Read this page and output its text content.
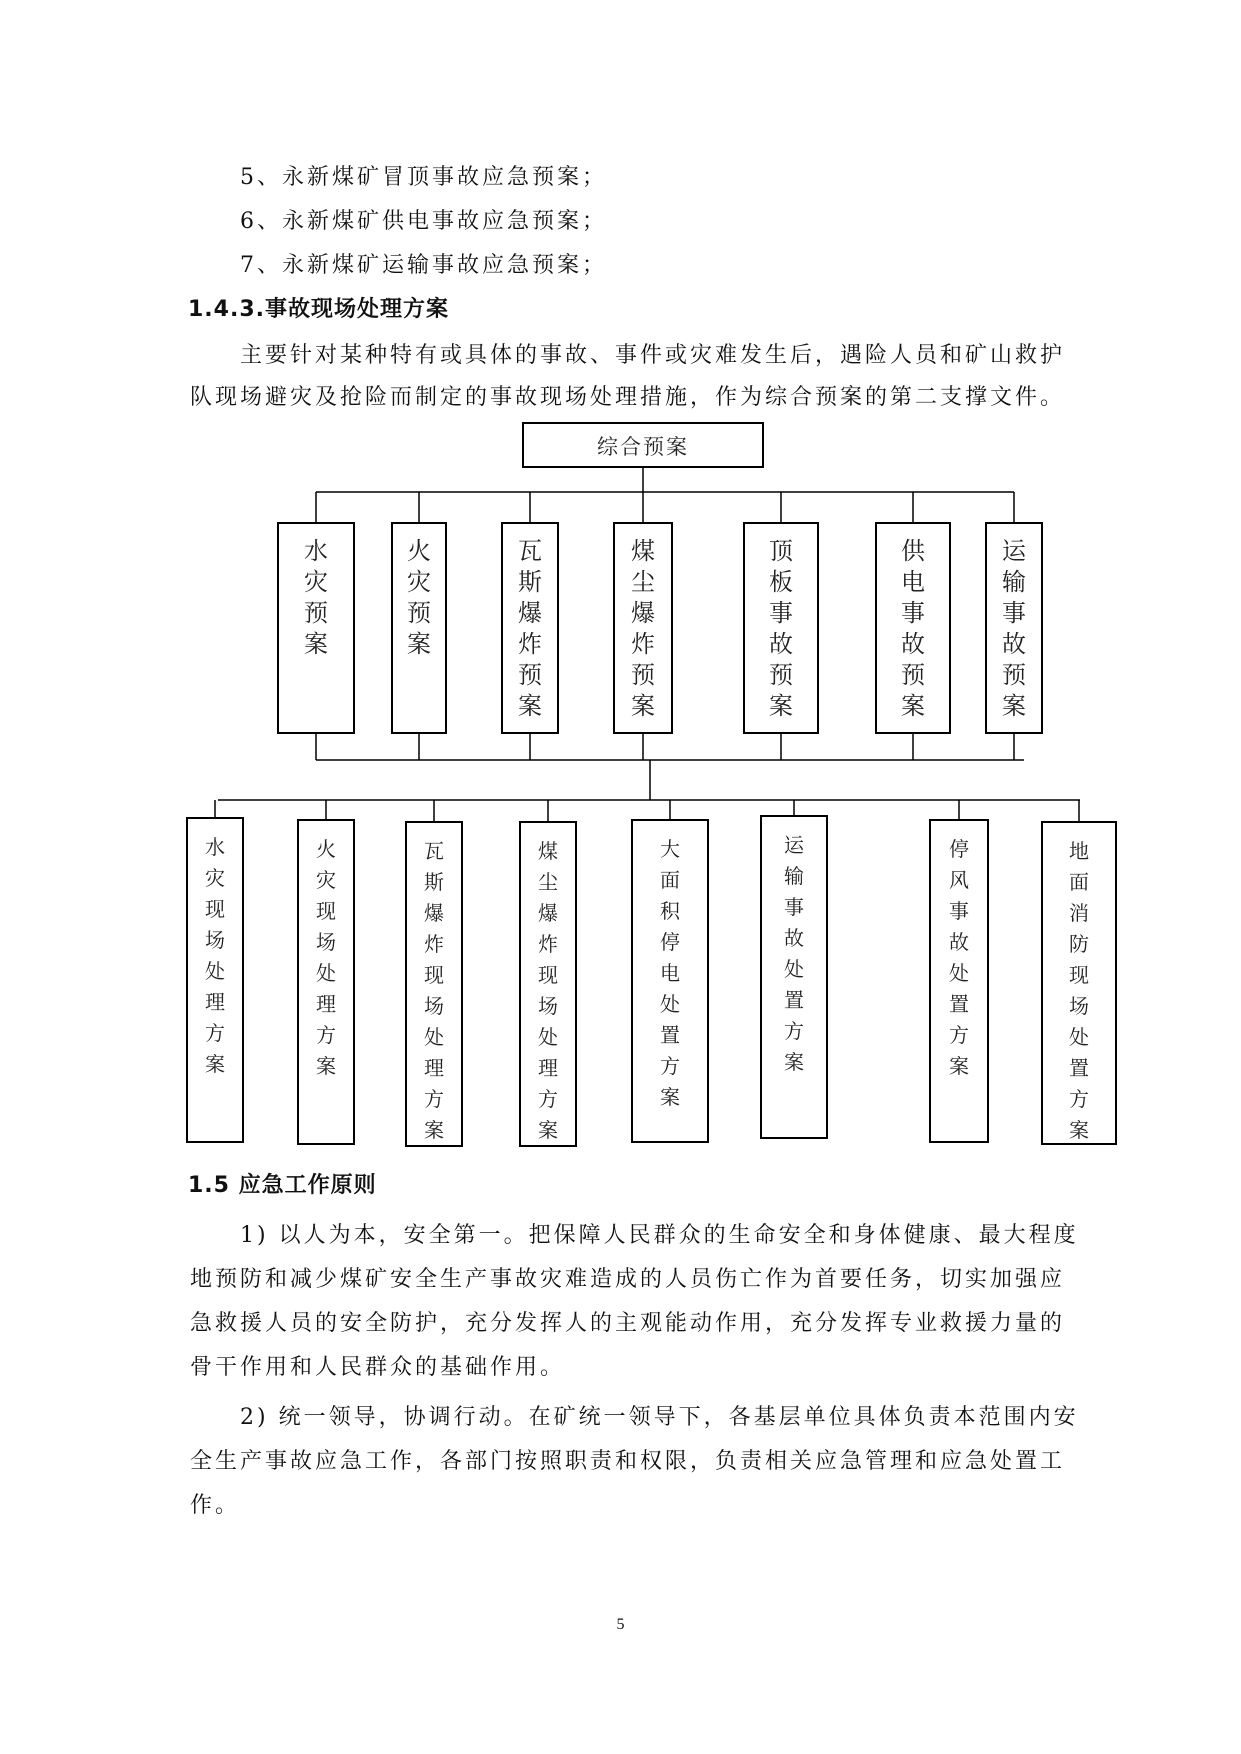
5、永新煤矿冒顶事故应急预案；
6、永新煤矿供电事故应急预案；
7、永新煤矿运输事故应急预案；
1.4.3.事故现场处理方案
主要针对某种特有或具体的事故、事件或灾难发生后，遇险人员和矿山救护
队现场避灾及抢险而制定的事故现场处理措施，作为综合预案的第二支撑文件。
综合预案
水
灾
预
案
火
灾
预
案
瓦
斯
爆
炸
预
案
煤
尘
爆
炸
预
案
顶
板
事
故
预
案
供
电
事
故
预
案
运
输
事
故
预
案
水
灾
现
场
处
理
方
案
火
灾
现
场
处
理
方
案
瓦
斯
爆
炸
现
场
处
理
方
案
煤
尘
爆
炸
现
场
处
理
方
案
大
面
积
停
电
处
置
方
案
运
输
事
故
处
置
方
案
停
风
事
故
处
置
方
案
地
面
消
防
现
场
处
置
方
案
1.5 应急工作原则
1) 以人为本，安全第一。把保障人民群众的生命安全和身体健康、最大程度
地预防和减少煤矿安全生产事故灾难造成的人员伤亡作为首要任务，切实加强应
急救援人员的安全防护，充分发挥人的主观能动作用，充分发挥专业救援力量的
骨干作用和人民群众的基础作用。
2) 统一领导，协调行动。在矿统一领导下，各基层单位具体负责本范围内安
全生产事故应急工作，各部门按照职责和权限，负责相关应急管理和应急处置工
作。
5
